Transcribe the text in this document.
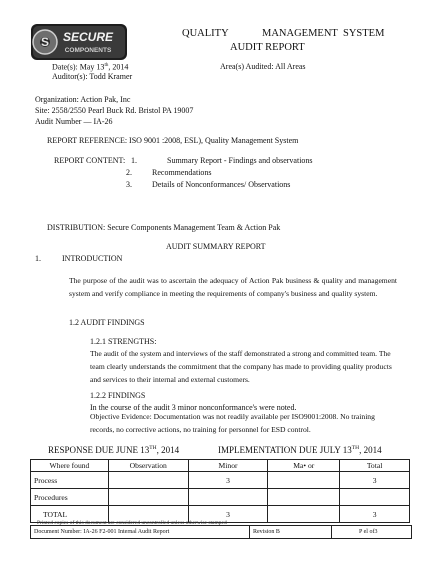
S SECURE
COMPONENTS
QUALITY	MANAGEMENT SYSTEM
AUDIT REPORT
Date(s): May 13th, 2014
Auditor(s): Todd Kramer
Area(s) Audited: All Areas
Organization: Action Pak, Inc
Site: 2558/2550 Pearl Buck Rd. Bristol PA 19007
Audit Number — IA-26
REPORT REFERENCE: ISO 9001 :2008, ESL), Quality Management System
REPORT CONTENT: 1.	Summary Report - Findings and observations
2.	Recommendations
3.	Details of Nonconformances/ Observations
DISTRIBUTION: Secure Components Management Team & Action Pak
AUDIT SUMMARY REPORT
1.	INTRODUCTION
The purpose of the audit was to ascertain the adequacy of Action Pak business & quality and management system and verify compliance in meeting the requirements of company's business and quality system.
1.2 AUDIT FINDINGS
1.2.1 STRENGTHS:
The audit of the system and interviews of the staff demonstrated a strong and committed team. The team clearly understands the commitment that the company has made to providing quality products and services to their internal and external customers.
1.2.2 FINDINGS
In the course of the audit 3 minor nonconformance's were noted.
Objective Evidence: Documentation was not readily available per ISO9001:2008. No training records, no corrective actions, no training for personnel for ESD control.
RESPONSE DUE JUNE 13TH, 2014	IMPLEMENTATION DUE JULY 13TH, 2014
Where found	Observation	Minor	Ma• or	Total
Process		3		3
Procedures				
TOTAL		3		3
Printed copies of this document are considered uncontrolled unless otherwise stamped
Document Number: IA-26 F2-001 Internal Audit Report	Revision B	P el of3
